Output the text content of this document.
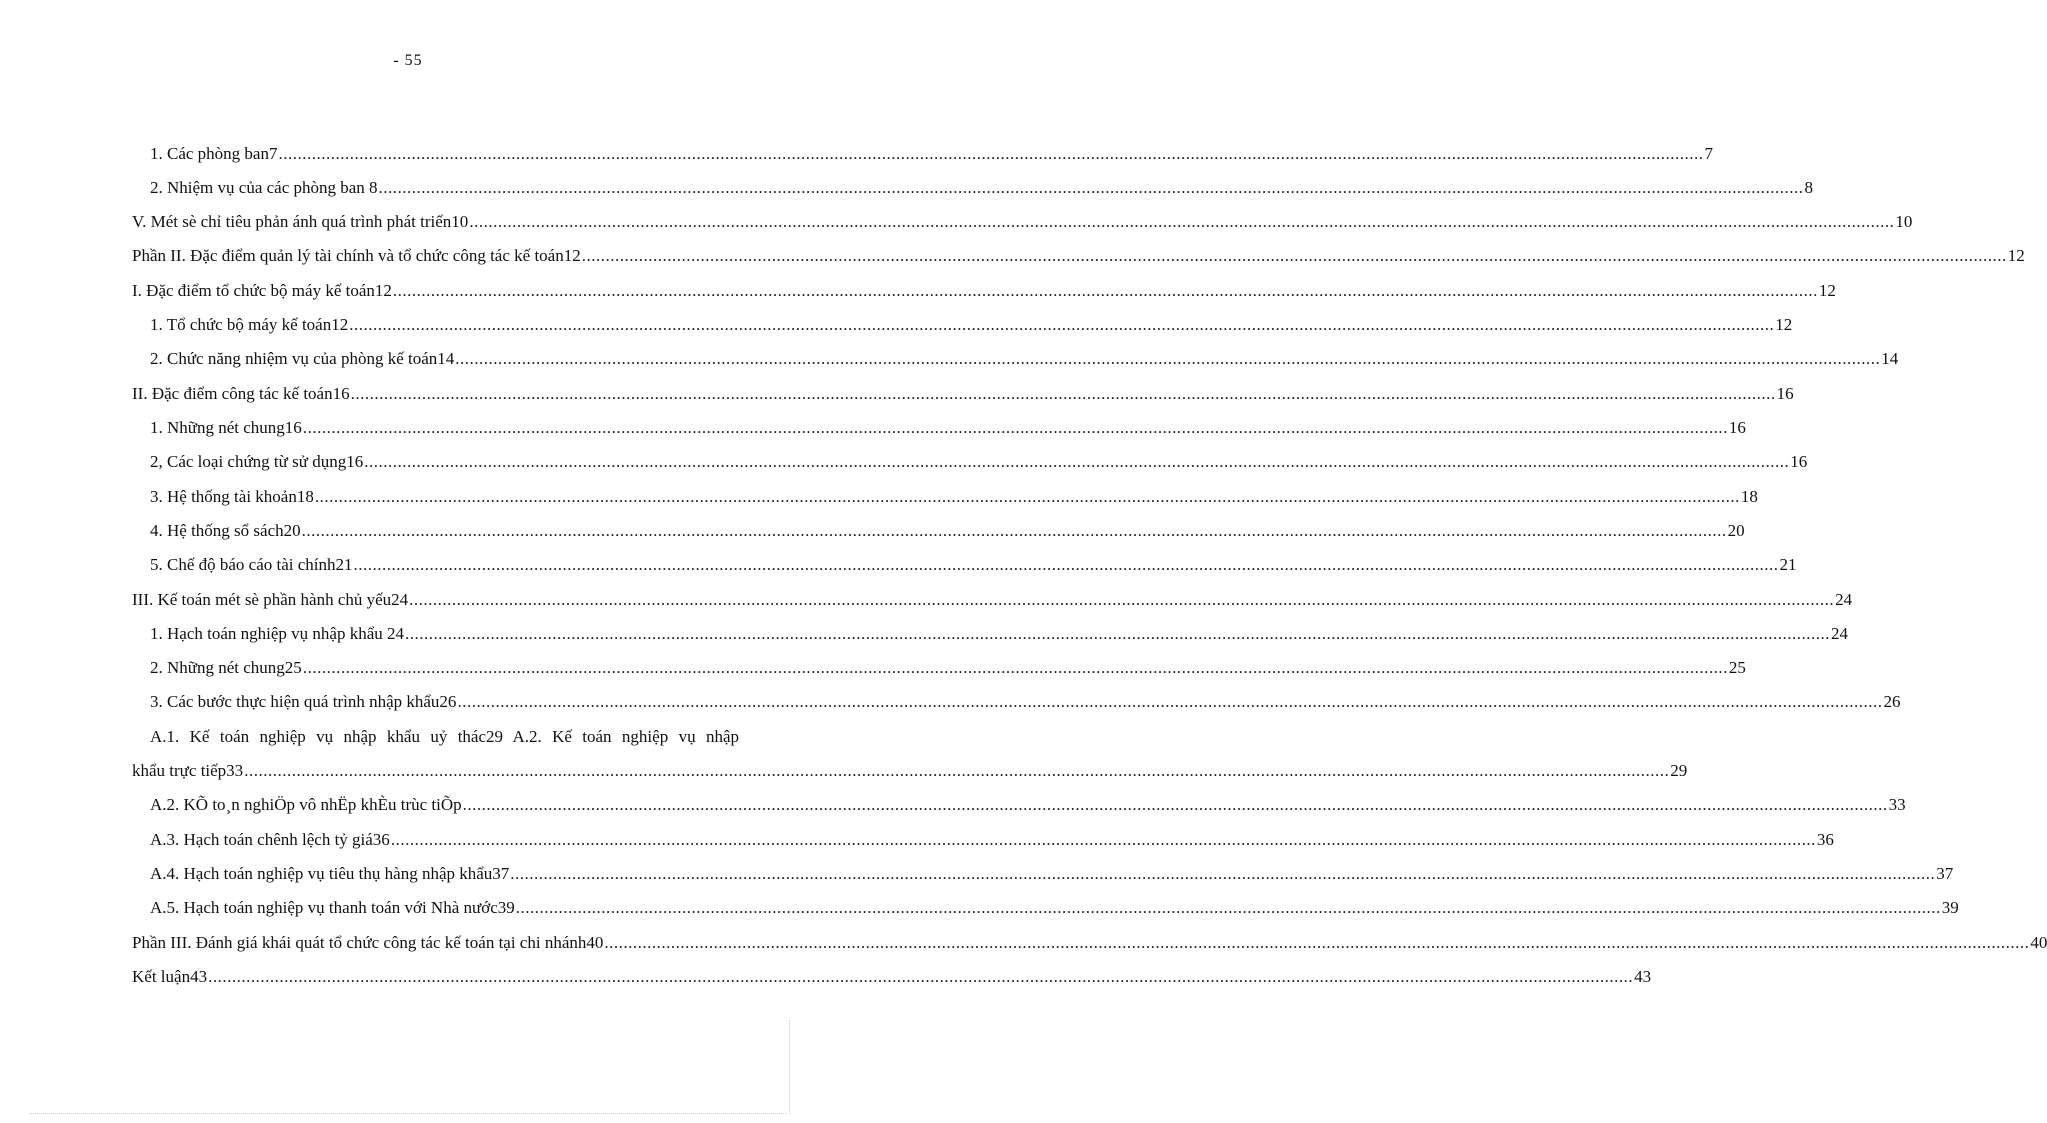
- 55
1. Các phòng ban7 ............................................................................................................................................................................................................................................................................................................ 7
2. Nhiệm vụ của các phòng ban 8 ............................................................................................................................................................................................................................................................................................................ 8
V. Mét sè chỉ tiêu phản ánh quá trình phát triển10 ............................................................................................................................................................................................................................................................................................................ 10
Phần II. Đặc điểm quản lý tài chính và tổ chức công tác kế toán12 ............................................................................................................................................................................................................................................................................................................ 12
I. Đặc điểm tổ chức bộ máy kế toán12 ............................................................................................................................................................................................................................................................................................................ 12
1. Tổ chức bộ máy kế toán12 ............................................................................................................................................................................................................................................................................................................ 12
2. Chức năng nhiệm vụ của phòng kế toán14 ............................................................................................................................................................................................................................................................................................................ 14
II. Đặc điểm công tác kế toán16 ............................................................................................................................................................................................................................................................................................................ 16
1. Những nét chung16 ............................................................................................................................................................................................................................................................................................................ 16
2, Các loại chứng từ sử dụng16 ............................................................................................................................................................................................................................................................................................................ 16
3. Hệ thống tài khoản18 ............................................................................................................................................................................................................................................................................................................ 18
4. Hệ thống sổ sách20 ............................................................................................................................................................................................................................................................................................................ 20
5. Chế độ báo cáo tài chính21 ............................................................................................................................................................................................................................................................................................................ 21
III. Kế toán mét sè phần hành chủ yếu24 ............................................................................................................................................................................................................................................................................................................ 24
1. Hạch toán nghiệp vụ nhập khẩu 24 ............................................................................................................................................................................................................................................................................................................ 24
2. Những nét chung25 ............................................................................................................................................................................................................................................................................................................ 25
3. Các bước thực hiện quá trình nhập khẩu26 ............................................................................................................................................................................................................................................................................................................ 26
A.1. Kế toán nghiệp vụ nhập khẩu uỷ thác29 A.2. Kế toán nghiệp vụ nhập
khẩu trực tiếp33 ............................................................................................................................................................................................................................................................................................................ 29
A.2. KÕ to¸n nghiÖp vô nhËp khÈu trùc tiÕp ............................................................................................................................................................................................................................................................................................................ 33
A.3. Hạch toán chênh lệch tỷ giá36 ............................................................................................................................................................................................................................................................................................................ 36
A.4. Hạch toán nghiệp vụ tiêu thụ hàng nhập khẩu37 ............................................................................................................................................................................................................................................................................................................ 37
A.5. Hạch toán nghiệp vụ thanh toán với Nhà nước39 ............................................................................................................................................................................................................................................................................................................ 39
Phần III. Đánh giá khái quát tổ chức công tác kế toán tại chi nhánh40 ............................................................................................................................................................................................................................................................................................................ 40
Kết luận43 ............................................................................................................................................................................................................................................................................................................ 43
